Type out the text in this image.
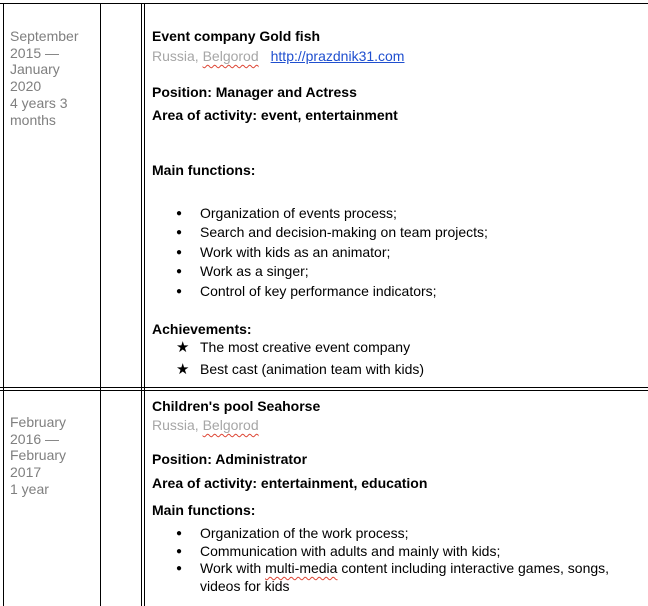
September
2015 —
January
2020
4 years 3
months
Event company Gold fish
Russia, Belgorod http://prazdnik31.com
Position: Manager and Actress
Area of activity: event, entertainment
Main functions:
● Organization of events process;
● Search and decision-making on team projects;
● Work with kids as an animator;
● Work as a singer;
● Control of key performance indicators;
Achievements:
★ The most creative event company
★ Best cast (animation team with kids)
February
2016 —
February
2017
1 year
Children's pool Seahorse
Russia, Belgorod
Position: Administrator
Area of activity: entertainment, education
Main functions:
● Organization of the work process;
● Communication with adults and mainly with kids;
● Work with multi-media content including interactive games, songs, videos for kids
